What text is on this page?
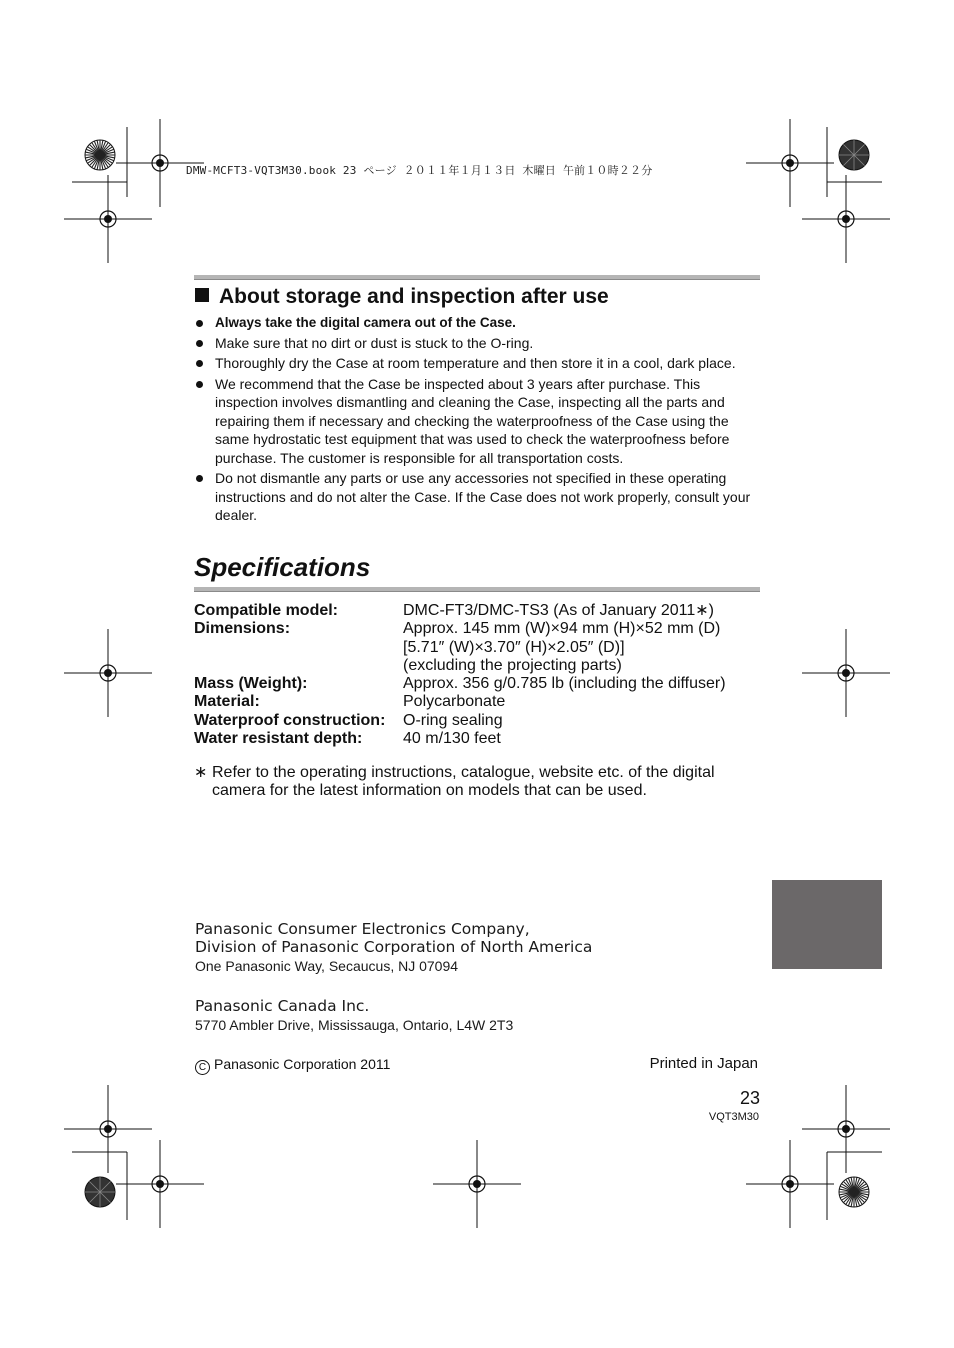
DMW-MCFT3-VQT3M30.book 23 ページ ２０１１年１月１３日 木曜日 午前１０時２２分
About storage and inspection after use
Always take the digital camera out of the Case.
Make sure that no dirt or dust is stuck to the O-ring.
Thoroughly dry the Case at room temperature and then store it in a cool, dark place.
We recommend that the Case be inspected about 3 years after purchase. This inspection involves dismantling and cleaning the Case, inspecting all the parts and repairing them if necessary and checking the waterproofness of the Case using the same hydrostatic test equipment that was used to check the waterproofness before purchase. The customer is responsible for all transportation costs.
Do not dismantle any parts or use any accessories not specified in these operating instructions and do not alter the Case. If the Case does not work properly, consult your dealer.
Specifications
Compatible model:	DMC-FT3/DMC-TS3 (As of January 2011∗)

Dimensions:	Approx. 145 mm (W)×94 mm (H)×52 mm (D)
[5.71″ (W)×3.70″ (H)×2.05″ (D)]
(excluding the projecting parts)

Mass (Weight):	Approx. 356 g/0.785 lb (including the diffuser)

Material:	Polycarbonate

Waterproof construction:	O-ring sealing

Water resistant depth:	40 m/130 feet
∗ Refer to the operating instructions, catalogue, website etc. of the digital
camera for the latest information on models that can be used.
Panasonic Consumer Electronics Company,
Division of Panasonic Corporation of North America
One Panasonic Way, Secaucus, NJ 07094
Panasonic Canada Inc.
5770 Ambler Drive, Mississauga, Ontario, L4W 2T3
C Panasonic Corporation 2011	Printed in Japan
23
VQT3M30
